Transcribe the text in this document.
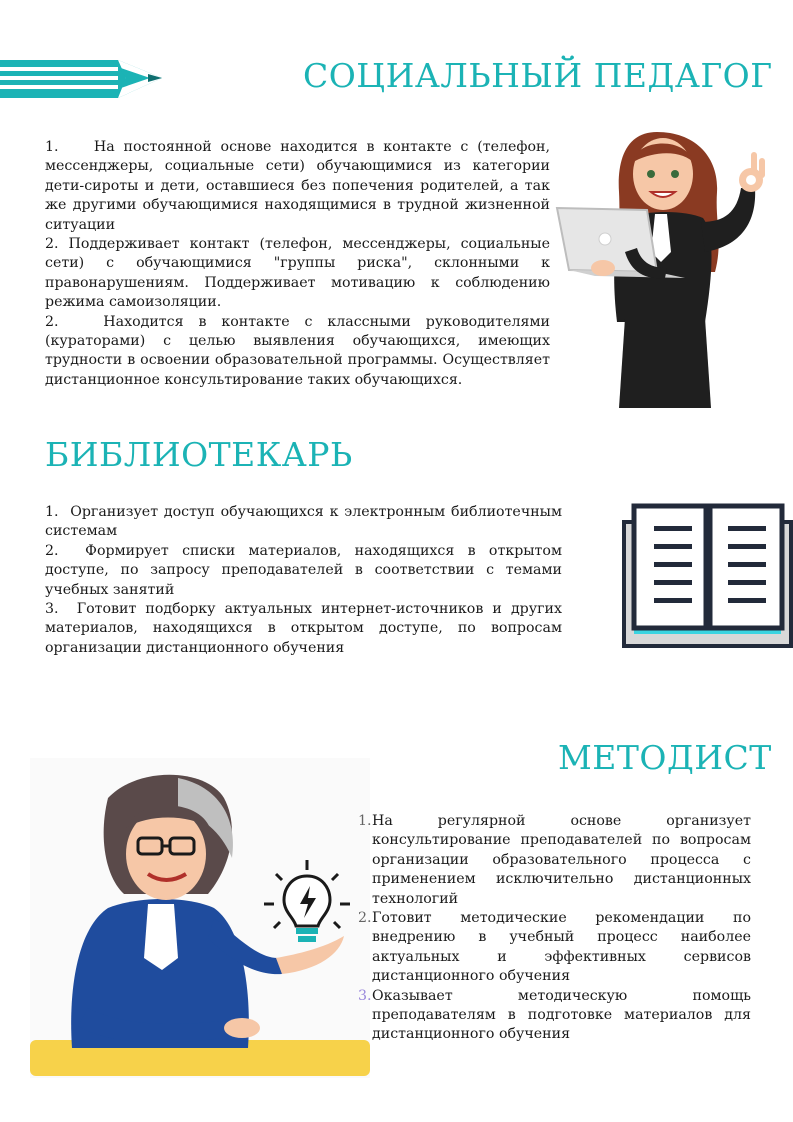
СОЦИАЛЬНЫЙ ПЕДАГОГ

1.    На постоянной основе находится в контакте с (телефон, мессенджеры, социальные сети) обучающимися из категории дети-сироты и дети, оставшиеся без попечения родителей, а так же другими обучающимися находящимися в трудной жизненной ситуации

2. Поддерживает контакт (телефон, мессенджеры, социальные сети) с обучающимися "группы риска", склонными к правонарушениям. Поддерживает мотивацию к соблюдению режима самоизоляции.

2.   Находится в контакте с классными руководителями (кураторами) с целью выявления обучающихся, имеющих трудности в освоении образовательной программы. Осуществляет дистанционное консультирование таких обучающихся.

БИБЛИОТЕКАРЬ

1.  Организует доступ обучающихся к электронным библиотечным системам

2.  Формирует списки материалов, находящихся в открытом доступе, по запросу преподавателей в соответствии с темами учебных занятий

3.  Готовит подборку актуальных интернет-источников и других материалов, находящихся в открытом доступе, по вопросам организации дистанционного обучения

МЕТОДИСТ
1. На регулярной основе организует консультирование преподавателей по вопросам организации образовательного процесса с применением исключительно дистанционных технологий
2. Готовит методические рекомендации по внедрению в учебный процесс наиболее актуальных и эффективных сервисов дистанционного обучения
3. Оказывает методическую помощь преподавателям в подготовке материалов для дистанционного обучения
